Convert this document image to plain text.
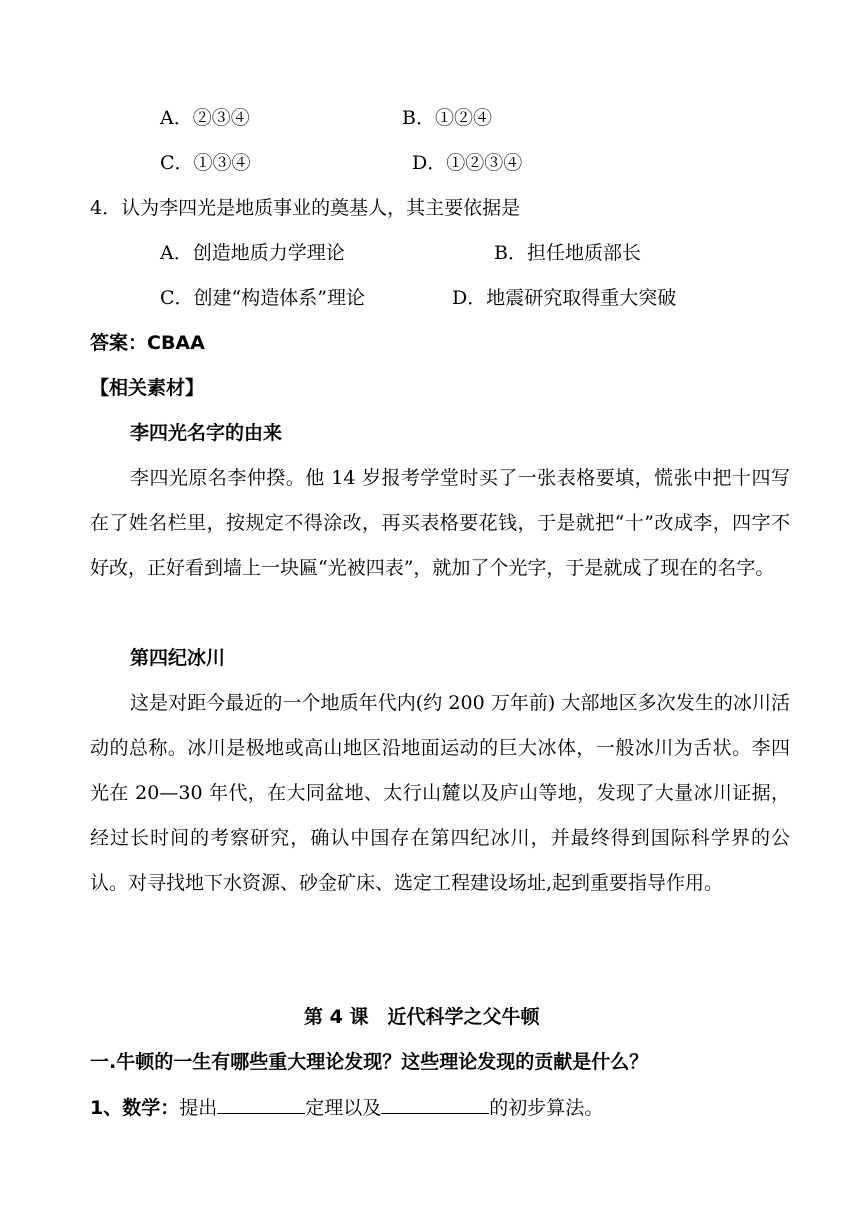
A．②③④	B．①②④
C．①③④	D．①②③④
4．认为李四光是地质事业的奠基人，其主要依据是
A．创造地质力学理论	B．担任地质部长
C．创建“构造体系”理论	D．地震研究取得重大突破
答案：CBAA
【相关素材】
李四光名字的由来
李四光原名李仲揆。他 14 岁报考学堂时买了一张表格要填，慌张中把十四写在了姓名栏里，按规定不得涂改，再买表格要花钱，于是就把“十”改成李，四字不好改，正好看到墙上一块匾“光被四表”，就加了个光字，于是就成了现在的名字。
第四纪冰川
这是对距今最近的一个地质年代内(约 200 万年前) 大部地区多次发生的冰川活动的总称。冰川是极地或高山地区沿地面运动的巨大冰体，一般冰川为舌状。李四光在 20—30 年代，在大同盆地、太行山麓以及庐山等地，发现了大量冰川证据，经过长时间的考察研究，确认中国存在第四纪冰川，并最终得到国际科学界的公认。对寻找地下水资源、砂金矿床、选定工程建设场址,起到重要指导作用。
第 4 课　近代科学之父牛顿
一.牛顿的一生有哪些重大理论发现？这些理论发现的贡献是什么？
1、数学：提出	定理以及	的初步算法。
